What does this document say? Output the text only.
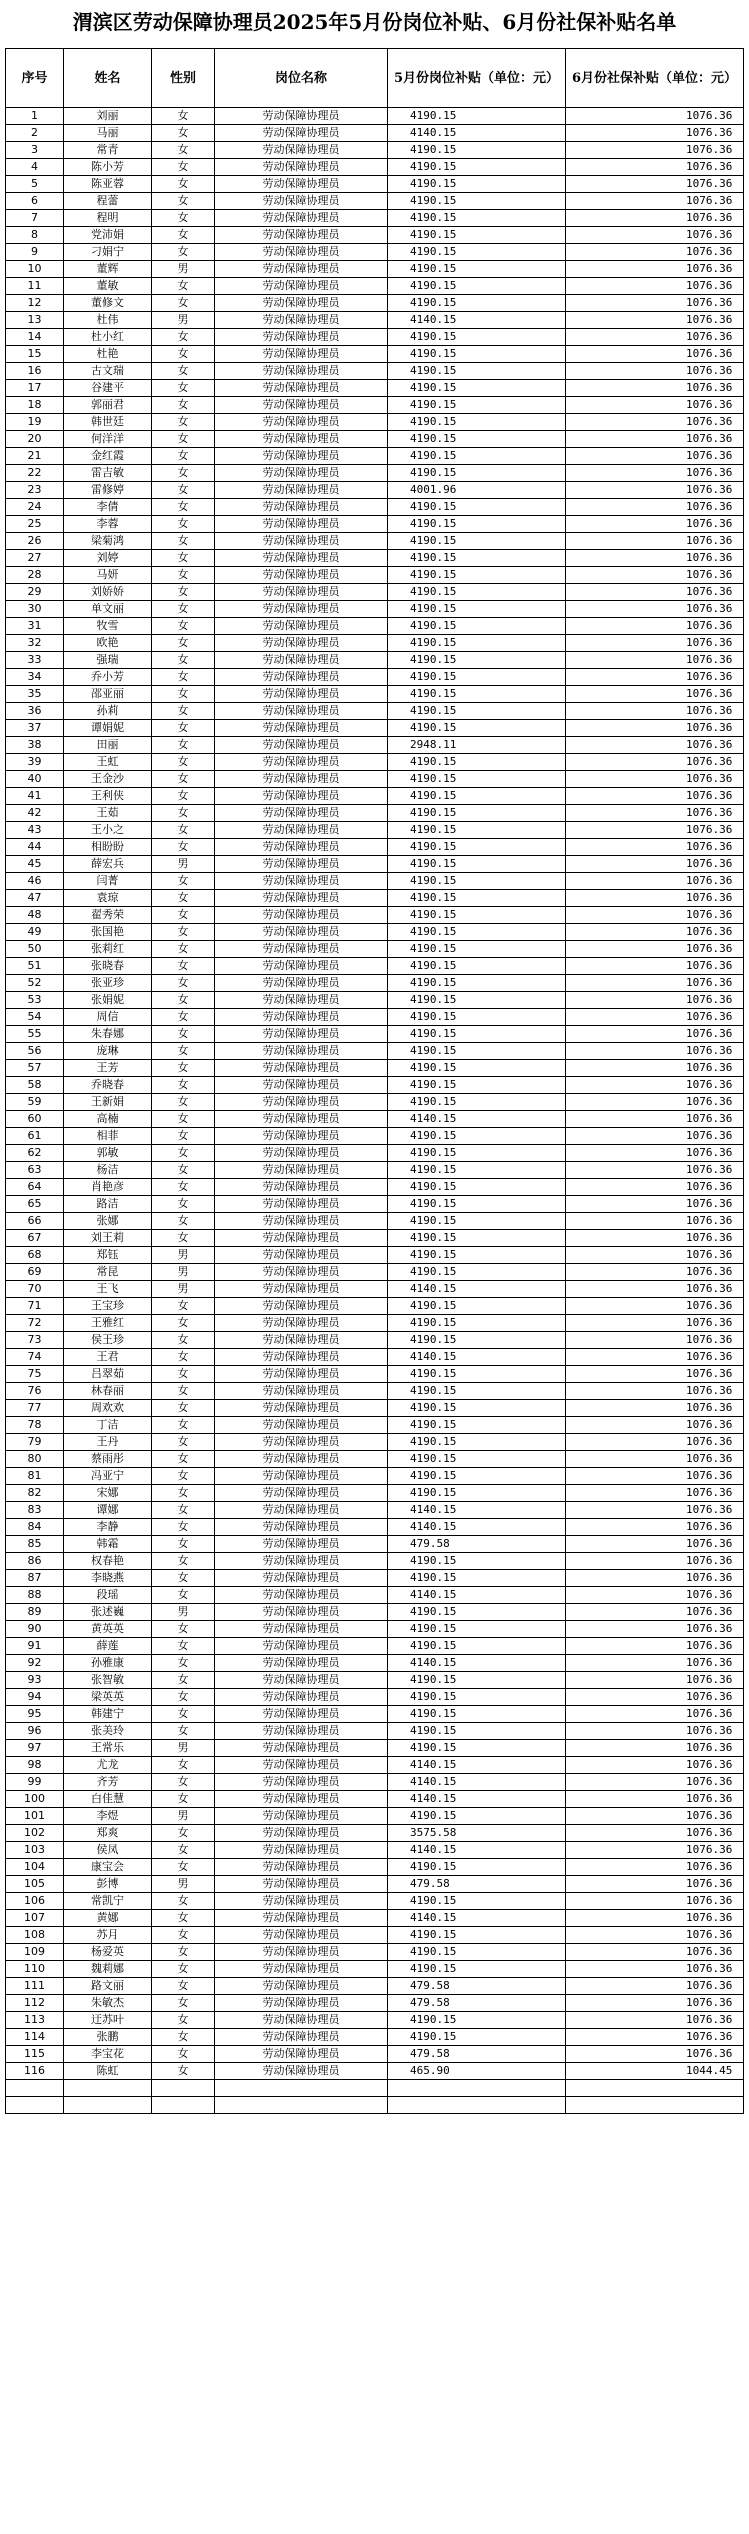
渭滨区劳动保障协理员2025年5月份岗位补贴、6月份社保补贴名单
序号	姓名	性别	岗位名称	5月份岗位补贴（单位：元）	6月份社保补贴（单位：元）
1	刘丽	女	劳动保障协理员	4190.15	1076.36
2	马丽	女	劳动保障协理员	4140.15	1076.36
3	常青	女	劳动保障协理员	4190.15	1076.36
4	陈小芳	女	劳动保障协理员	4190.15	1076.36
5	陈亚蓉	女	劳动保障协理员	4190.15	1076.36
6	程蕾	女	劳动保障协理员	4190.15	1076.36
7	程明	女	劳动保障协理员	4190.15	1076.36
8	党沛娟	女	劳动保障协理员	4190.15	1076.36
9	刁娟宁	女	劳动保障协理员	4190.15	1076.36
10	董辉	男	劳动保障协理员	4190.15	1076.36
11	董敏	女	劳动保障协理员	4190.15	1076.36
12	董修文	女	劳动保障协理员	4190.15	1076.36
13	杜伟	男	劳动保障协理员	4140.15	1076.36
14	杜小红	女	劳动保障协理员	4190.15	1076.36
15	杜艳	女	劳动保障协理员	4190.15	1076.36
16	古文瑞	女	劳动保障协理员	4190.15	1076.36
17	谷建平	女	劳动保障协理员	4190.15	1076.36
18	郭丽君	女	劳动保障协理员	4190.15	1076.36
19	韩世廷	女	劳动保障协理员	4190.15	1076.36
20	何洋洋	女	劳动保障协理员	4190.15	1076.36
21	金红霞	女	劳动保障协理员	4190.15	1076.36
22	雷吉敏	女	劳动保障协理员	4190.15	1076.36
23	雷修婷	女	劳动保障协理员	4001.96	1076.36
24	李倩	女	劳动保障协理员	4190.15	1076.36
25	李蓉	女	劳动保障协理员	4190.15	1076.36
26	梁菊鸿	女	劳动保障协理员	4190.15	1076.36
27	刘婷	女	劳动保障协理员	4190.15	1076.36
28	马妍	女	劳动保障协理员	4190.15	1076.36
29	刘娇娇	女	劳动保障协理员	4190.15	1076.36
30	单文丽	女	劳动保障协理员	4190.15	1076.36
31	牧雪	女	劳动保障协理员	4190.15	1076.36
32	欧艳	女	劳动保障协理员	4190.15	1076.36
33	强瑞	女	劳动保障协理员	4190.15	1076.36
34	乔小芳	女	劳动保障协理员	4190.15	1076.36
35	邵亚丽	女	劳动保障协理员	4190.15	1076.36
36	孙莉	女	劳动保障协理员	4190.15	1076.36
37	谭娟妮	女	劳动保障协理员	4190.15	1076.36
38	田丽	女	劳动保障协理员	2948.11	1076.36
39	王虹	女	劳动保障协理员	4190.15	1076.36
40	王金沙	女	劳动保障协理员	4190.15	1076.36
41	王利侠	女	劳动保障协理员	4190.15	1076.36
42	王茹	女	劳动保障协理员	4190.15	1076.36
43	王小之	女	劳动保障协理员	4190.15	1076.36
44	相盼盼	女	劳动保障协理员	4190.15	1076.36
45	薛宏兵	男	劳动保障协理员	4190.15	1076.36
46	闫菁	女	劳动保障协理员	4190.15	1076.36
47	袁琼	女	劳动保障协理员	4190.15	1076.36
48	翟秀荣	女	劳动保障协理员	4190.15	1076.36
49	张国艳	女	劳动保障协理员	4190.15	1076.36
50	张莉红	女	劳动保障协理员	4190.15	1076.36
51	张晓春	女	劳动保障协理员	4190.15	1076.36
52	张亚珍	女	劳动保障协理员	4190.15	1076.36
53	张娟妮	女	劳动保障协理员	4190.15	1076.36
54	周信	女	劳动保障协理员	4190.15	1076.36
55	朱春娜	女	劳动保障协理员	4190.15	1076.36
56	庞琳	女	劳动保障协理员	4190.15	1076.36
57	王芳	女	劳动保障协理员	4190.15	1076.36
58	乔晓春	女	劳动保障协理员	4190.15	1076.36
59	王新娟	女	劳动保障协理员	4190.15	1076.36
60	高楠	女	劳动保障协理员	4140.15	1076.36
61	相菲	女	劳动保障协理员	4190.15	1076.36
62	郭敏	女	劳动保障协理员	4190.15	1076.36
63	杨洁	女	劳动保障协理员	4190.15	1076.36
64	肖艳彦	女	劳动保障协理员	4190.15	1076.36
65	路洁	女	劳动保障协理员	4190.15	1076.36
66	张娜	女	劳动保障协理员	4190.15	1076.36
67	刘王莉	女	劳动保障协理员	4190.15	1076.36
68	郑钰	男	劳动保障协理员	4190.15	1076.36
69	常昆	男	劳动保障协理员	4190.15	1076.36
70	王飞	男	劳动保障协理员	4140.15	1076.36
71	王宝珍	女	劳动保障协理员	4190.15	1076.36
72	王雅红	女	劳动保障协理员	4190.15	1076.36
73	侯王珍	女	劳动保障协理员	4190.15	1076.36
74	王君	女	劳动保障协理员	4140.15	1076.36
75	吕翠茹	女	劳动保障协理员	4190.15	1076.36
76	林春丽	女	劳动保障协理员	4190.15	1076.36
77	周欢欢	女	劳动保障协理员	4190.15	1076.36
78	丁洁	女	劳动保障协理员	4190.15	1076.36
79	王丹	女	劳动保障协理员	4190.15	1076.36
80	蔡雨彤	女	劳动保障协理员	4190.15	1076.36
81	冯亚宁	女	劳动保障协理员	4190.15	1076.36
82	宋娜	女	劳动保障协理员	4190.15	1076.36
83	谭娜	女	劳动保障协理员	4140.15	1076.36
84	李静	女	劳动保障协理员	4140.15	1076.36
85	韩霜	女	劳动保障协理员	479.58	1076.36
86	权春艳	女	劳动保障协理员	4190.15	1076.36
87	李晓燕	女	劳动保障协理员	4190.15	1076.36
88	段瑶	女	劳动保障协理员	4140.15	1076.36
89	张述巍	男	劳动保障协理员	4190.15	1076.36
90	黄英英	女	劳动保障协理员	4190.15	1076.36
91	薛莲	女	劳动保障协理员	4190.15	1076.36
92	孙雅康	女	劳动保障协理员	4140.15	1076.36
93	张智敏	女	劳动保障协理员	4190.15	1076.36
94	梁英英	女	劳动保障协理员	4190.15	1076.36
95	韩建宁	女	劳动保障协理员	4190.15	1076.36
96	张美玲	女	劳动保障协理员	4190.15	1076.36
97	王常乐	男	劳动保障协理员	4190.15	1076.36
98	尤龙	女	劳动保障协理员	4140.15	1076.36
99	齐芳	女	劳动保障协理员	4140.15	1076.36
100	白佳慧	女	劳动保障协理员	4140.15	1076.36
101	李煜	男	劳动保障协理员	4190.15	1076.36
102	郑爽	女	劳动保障协理员	3575.58	1076.36
103	侯凤	女	劳动保障协理员	4140.15	1076.36
104	康宝会	女	劳动保障协理员	4190.15	1076.36
105	彭博	男	劳动保障协理员	479.58	1076.36
106	常凯宁	女	劳动保障协理员	4190.15	1076.36
107	黄娜	女	劳动保障协理员	4140.15	1076.36
108	苏月	女	劳动保障协理员	4190.15	1076.36
109	杨爱英	女	劳动保障协理员	4190.15	1076.36
110	魏莉娜	女	劳动保障协理员	4190.15	1076.36
111	路文丽	女	劳动保障协理员	479.58	1076.36
112	朱敏杰	女	劳动保障协理员	479.58	1076.36
113	迂苏叶	女	劳动保障协理员	4190.15	1076.36
114	张鹏	女	劳动保障协理员	4190.15	1076.36
115	李宝花	女	劳动保障协理员	479.58	1076.36
116	陈虹	女	劳动保障协理员	465.90	1044.45
